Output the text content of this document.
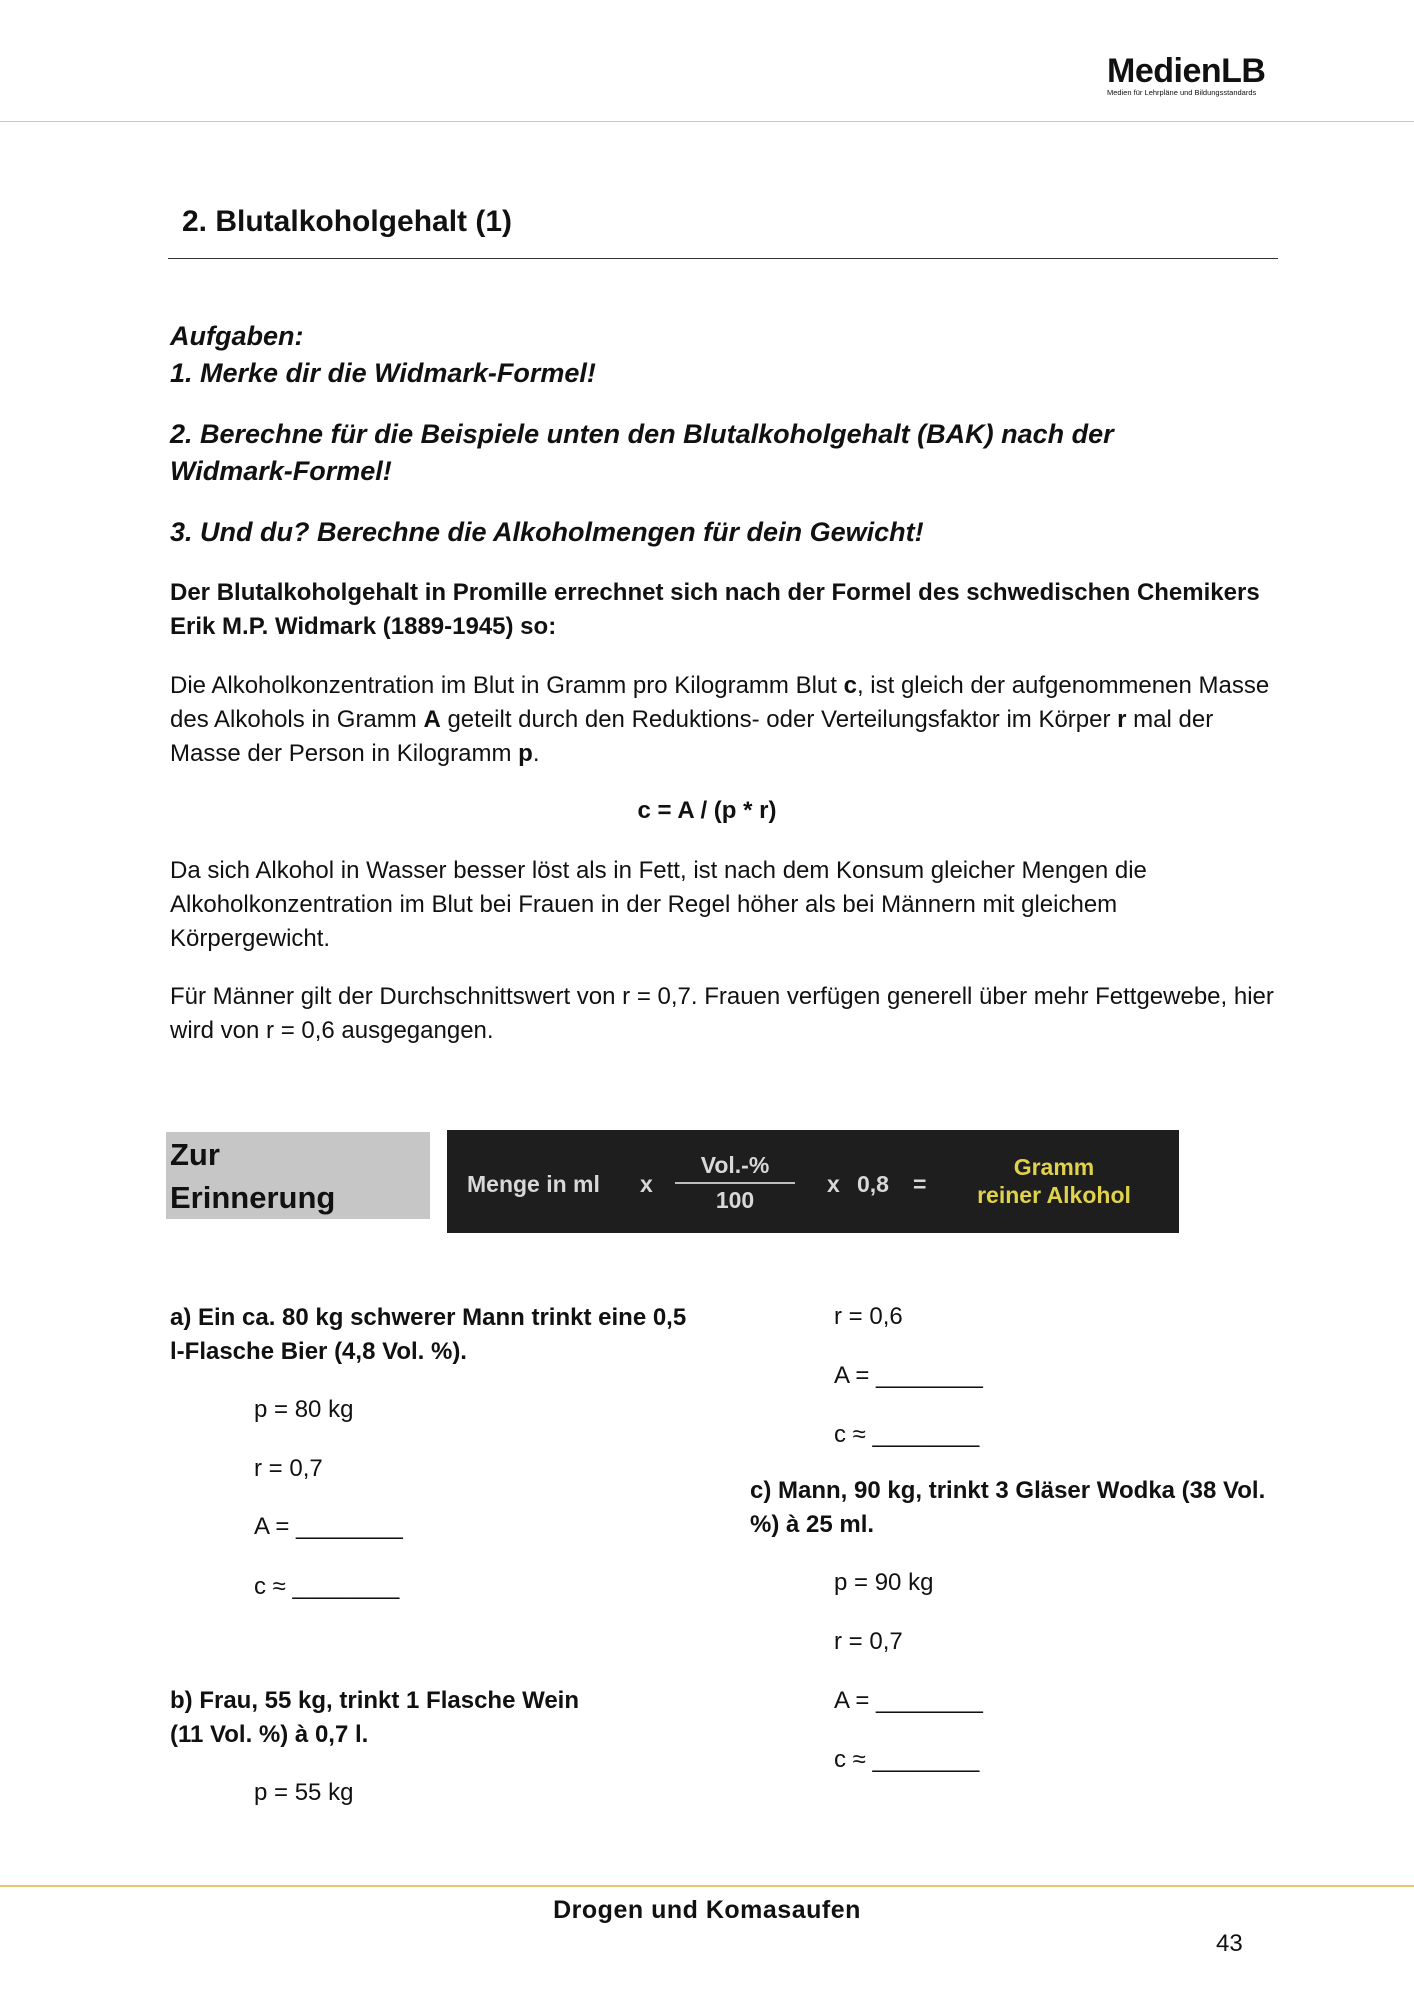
MedienLB
Medien für Lehrpläne und Bildungsstandards
2. Blutalkoholgehalt (1)
Aufgaben:
1. Merke dir die Widmark-Formel!
2. Berechne für die Beispiele unten den Blutalkoholgehalt (BAK) nach der Widmark-Formel!
3. Und du? Berechne die Alkoholmengen für dein Gewicht!
Der Blutalkoholgehalt in Promille errechnet sich nach der Formel des schwedischen Chemikers Erik M.P. Widmark (1889-1945) so:
Die Alkoholkonzentration im Blut in Gramm pro Kilogramm Blut c, ist gleich der aufgenommenen Masse des Alkohols in Gramm A geteilt durch den Reduktions- oder Verteilungsfaktor im Körper r mal der Masse der Person in Kilogramm p.
c = A / (p * r)
Da sich Alkohol in Wasser besser löst als in Fett, ist nach dem Konsum gleicher Mengen die Alkoholkonzentration im Blut bei Frauen in der Regel höher als bei Männern mit gleichem Körpergewicht.
Für Männer gilt der Durchschnittswert von r = 0,7. Frauen verfügen generell über mehr Fettgewebe, hier wird von r = 0,6 ausgegangen.
Zur
Erinnerung	Menge in ml x
Vol.-%
100
x 0,8 =
Gramm
reiner Alkohol
a) Ein ca. 80 kg schwerer Mann trinkt eine 0,5 l-Flasche Bier (4,8 Vol. %).
p = 80 kg
r = 0,7
A = ________
c ≈ ________
b) Frau, 55 kg, trinkt 1 Flasche Wein (11 Vol. %) à 0,7 l.
p = 55 kg
r = 0,6
A = ________
c ≈ ________
c) Mann, 90 kg, trinkt 3 Gläser Wodka (38 Vol. %) à 25 ml.
p = 90 kg
r = 0,7
A = ________
c ≈ ________
Drogen und Komasaufen
43
